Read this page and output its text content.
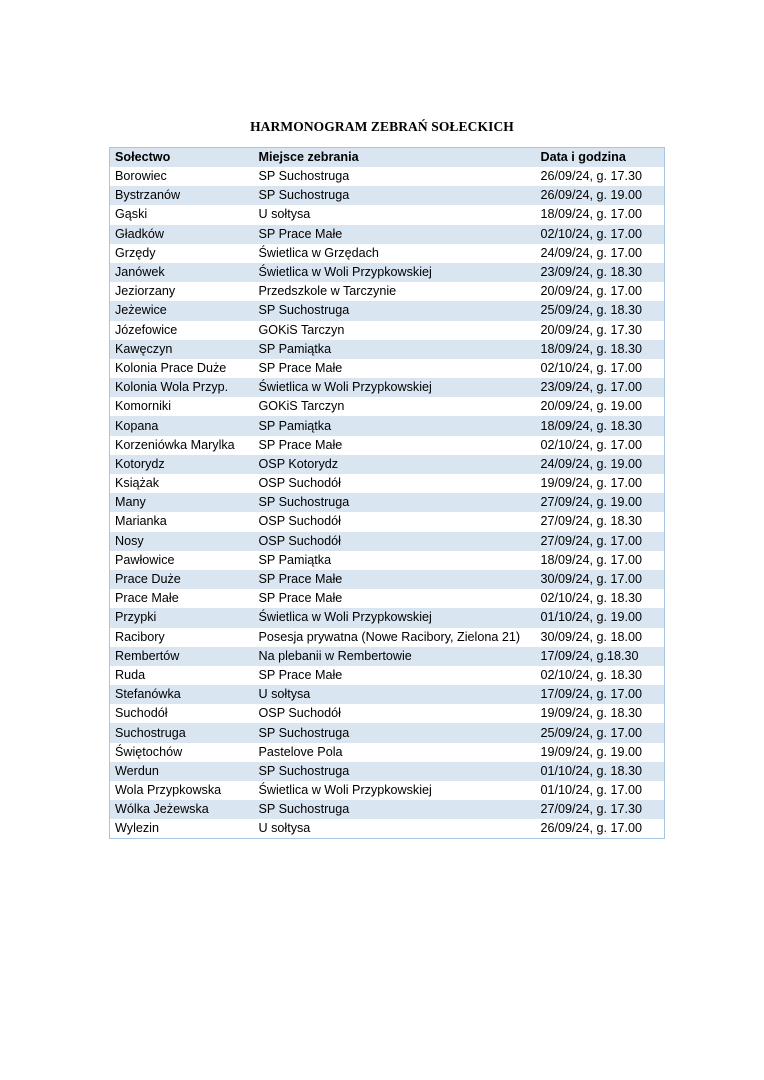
HARMONOGRAM ZEBRAŃ SOŁECKICH
Sołectwo	Miejsce zebrania	Data i godzina
Borowiec	SP Suchostruga	26/09/24, g. 17.30
Bystrzanów	SP Suchostruga	26/09/24, g. 19.00
Gąski	U sołtysa	18/09/24, g. 17.00
Gładków	SP Prace Małe	02/10/24, g. 17.00
Grzędy	Świetlica w Grzędach	24/09/24, g. 17.00
Janówek	Świetlica w Woli Przypkowskiej	23/09/24, g. 18.30
Jeziorzany	Przedszkole w Tarczynie	20/09/24, g. 17.00
Jeżewice	SP Suchostruga	25/09/24, g. 18.30
Józefowice	GOKiS Tarczyn	20/09/24, g. 17.30
Kawęczyn	SP Pamiątka	18/09/24, g. 18.30
Kolonia Prace Duże	SP Prace Małe	02/10/24, g. 17.00
Kolonia Wola Przyp.	Świetlica w Woli Przypkowskiej	23/09/24, g. 17.00
Komorniki	GOKiS Tarczyn	20/09/24, g. 19.00
Kopana	SP Pamiątka	18/09/24, g. 18.30
Korzeniówka Marylka	SP Prace Małe	02/10/24, g. 17.00
Kotorydz	OSP Kotorydz	24/09/24, g. 19.00
Książak	OSP Suchodół	19/09/24, g. 17.00
Many	SP Suchostruga	27/09/24, g. 19.00
Marianka	OSP Suchodół	27/09/24, g. 18.30
Nosy	OSP Suchodół	27/09/24, g. 17.00
Pawłowice	SP Pamiątka	18/09/24, g. 17.00
Prace Duże	SP Prace Małe	30/09/24, g. 17.00
Prace Małe	SP Prace Małe	02/10/24, g. 18.30
Przypki	Świetlica w Woli Przypkowskiej	01/10/24, g. 19.00
Racibory	Posesja prywatna (Nowe Racibory, Zielona 21)	30/09/24, g. 18.00
Rembertów	Na plebanii w Rembertowie	17/09/24, g.18.30
Ruda	SP Prace Małe	02/10/24, g. 18.30
Stefanówka	U sołtysa	17/09/24, g. 17.00
Suchodół	OSP Suchodół	19/09/24, g. 18.30
Suchostruga	SP Suchostruga	25/09/24, g. 17.00
Świętochów	Pastelove Pola	19/09/24, g. 19.00
Werdun	SP Suchostruga	01/10/24, g. 18.30
Wola Przypkowska	Świetlica w Woli Przypkowskiej	01/10/24, g. 17.00
Wólka Jeżewska	SP Suchostruga	27/09/24, g. 17.30
Wylezin	U sołtysa	26/09/24, g. 17.00
